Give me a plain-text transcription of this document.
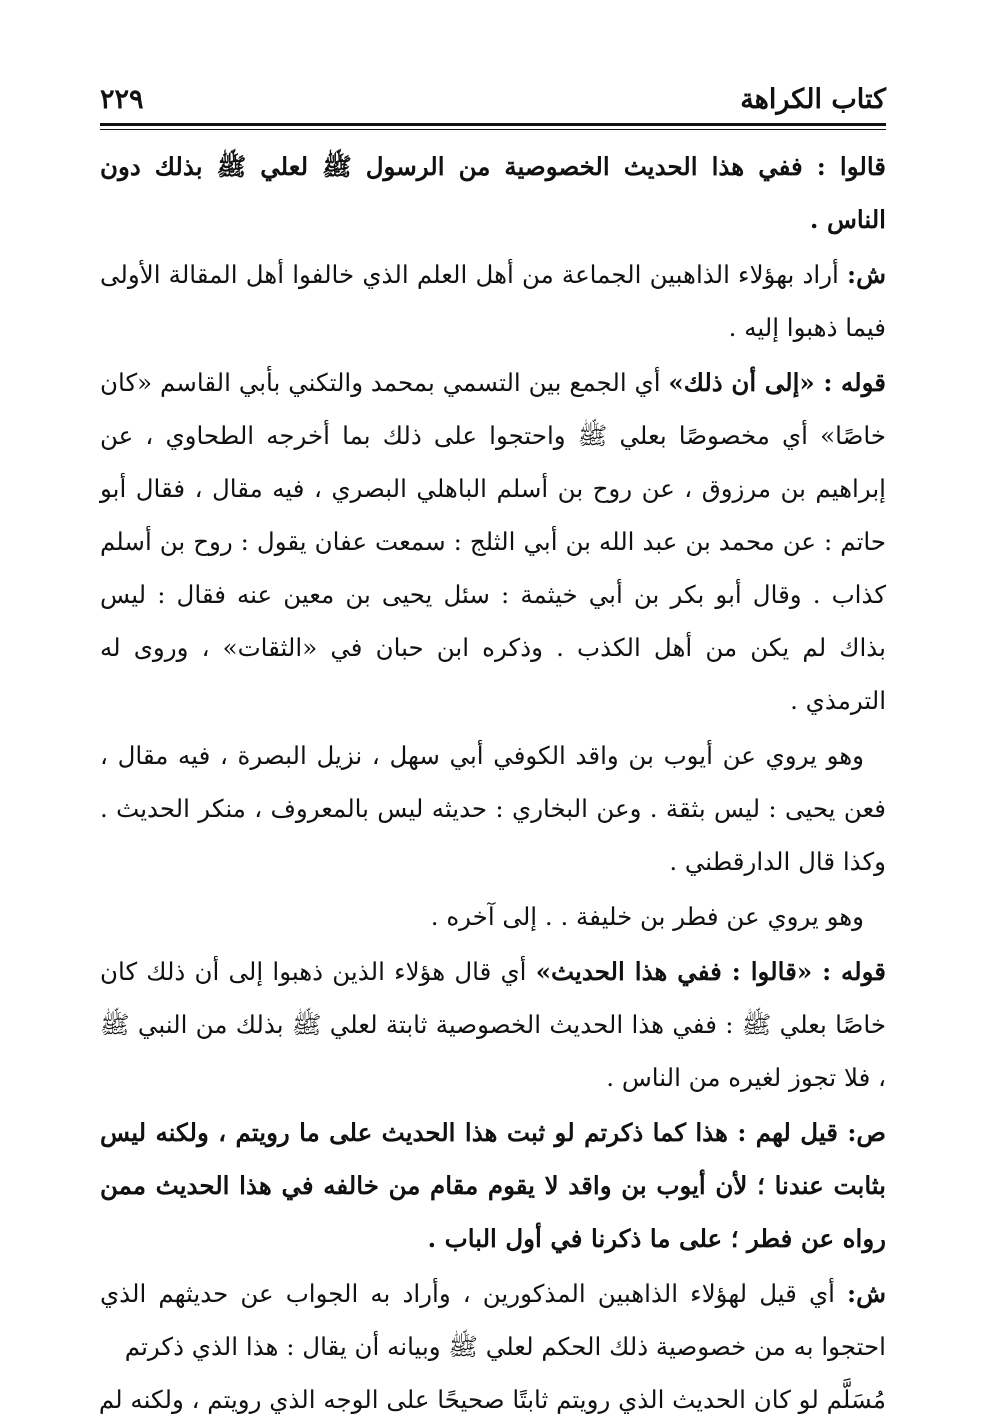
كتاب الكراهة
٢٢٩

قالوا : ففي هذا الحديث الخصوصية من الرسول ﷺ لعلي ﷺ بذلك دون الناس .

ش: أراد بهؤلاء الذاهبين الجماعة من أهل العلم الذي خالفوا أهل المقالة الأولى فيما ذهبوا إليه .

قوله : «إلى أن ذلك» أي الجمع بين التسمي بمحمد والتكني بأبي القاسم «كان خاصًا» أي مخصوصًا بعلي ﷺ واحتجوا على ذلك بما أخرجه الطحاوي ، عن إبراهيم بن مرزوق ، عن روح بن أسلم الباهلي البصري ، فيه مقال ، فقال أبو حاتم : عن محمد بن عبد الله بن أبي الثلج : سمعت عفان يقول : روح بن أسلم كذاب . وقال أبو بكر بن أبي خيثمة : سئل يحيى بن معين عنه فقال : ليس بذاك لم يكن من أهل الكذب . وذكره ابن حبان في «الثقات» ، وروى له الترمذي .

وهو يروي عن أيوب بن واقد الكوفي أبي سهل ، نزيل البصرة ، فيه مقال ، فعن يحيى : ليس بثقة . وعن البخاري : حديثه ليس بالمعروف ، منكر الحديث . وكذا قال الدارقطني .

وهو يروي عن فطر بن خليفة . . إلى آخره .

قوله : «قالوا : ففي هذا الحديث» أي قال هؤلاء الذين ذهبوا إلى أن ذلك كان خاصًا بعلي ﷺ : ففي هذا الحديث الخصوصية ثابتة لعلي ﷺ بذلك من النبي ﷺ ، فلا تجوز لغيره من الناس .

ص: قيل لهم : هذا كما ذكرتم لو ثبت هذا الحديث على ما رويتم ، ولكنه ليس بثابت عندنا ؛ لأن أيوب بن واقد لا يقوم مقام من خالفه في هذا الحديث ممن رواه عن فطر ؛ على ما ذكرنا في أول الباب .

ش: أي قيل لهؤلاء الذاهبين المذكورين ، وأراد به الجواب عن حديثهم الذي احتجوا به من خصوصية ذلك الحكم لعلي ﷺ وبيانه أن يقال : هذا الذي ذكرتم

مُسَلَّم لو كان الحديث الذي رويتم ثابتًا صحيحًا على الوجه الذي رويتم ، ولكنه لم
